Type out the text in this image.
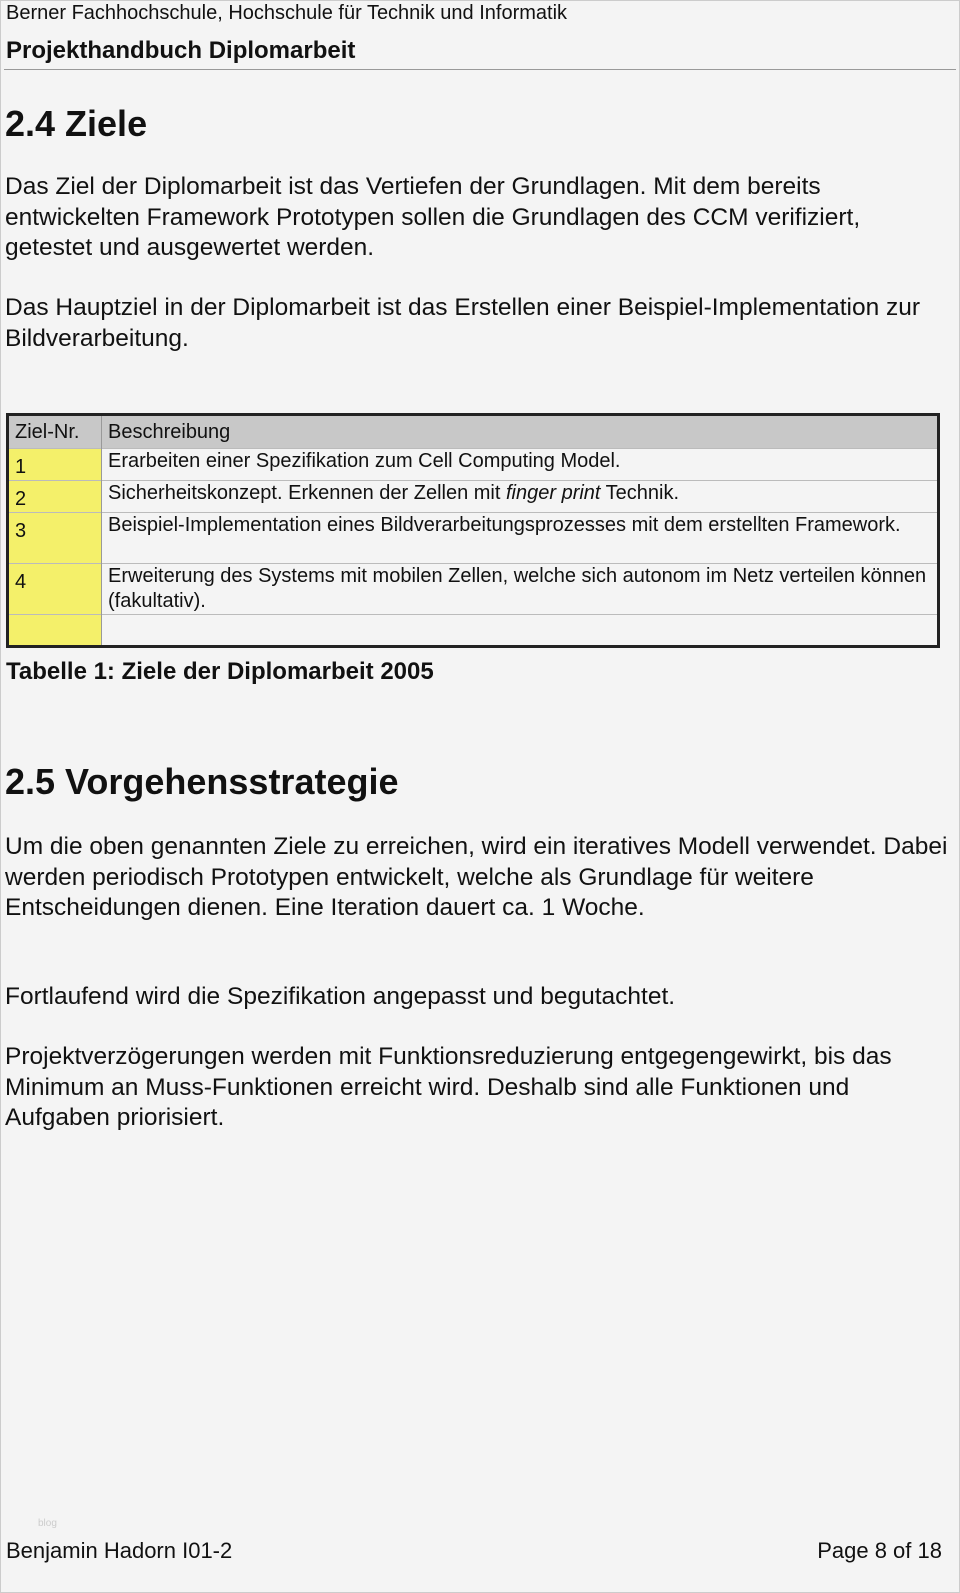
Berner Fachhochschule, Hochschule für Technik und Informatik
Projekthandbuch Diplomarbeit
2.4 Ziele

Das Ziel der Diplomarbeit ist das Vertiefen der Grundlagen. Mit dem bereits entwickelten Framework Prototypen sollen die Grundlagen des CCM verifiziert, getestet und ausgewertet werden.

Das Hauptziel in der Diplomarbeit ist das Erstellen einer Beispiel-Implementation zur Bildverarbeitung.

Ziel-Nr.	Beschreibung
1	Erarbeiten einer Spezifikation zum Cell Computing Model.
2	Sicherheitskonzept. Erkennen der Zellen mit finger print Technik.
3	Beispiel-Implementation eines Bildverarbeitungsprozesses mit dem erstellten Framework.
4	Erweiterung des Systems mit mobilen Zellen, welche sich autonom im Netz verteilen können (fakultativ).

Tabelle 1: Ziele der Diplomarbeit 2005
2.5 Vorgehensstrategie

Um die oben genannten Ziele zu erreichen, wird ein iteratives Modell verwendet. Dabei werden periodisch Prototypen entwickelt, welche als Grundlage für weitere Entscheidungen dienen. Eine Iteration dauert ca. 1 Woche.

Fortlaufend wird die Spezifikation angepasst und begutachtet.

Projektverzögerungen werden mit Funktionsreduzierung entgegengewirkt, bis das Minimum an Muss-Funktionen erreicht wird. Deshalb sind alle Funktionen und Aufgaben priorisiert.

blog
Benjamin Hadorn I01-2	Page 8 of 18
